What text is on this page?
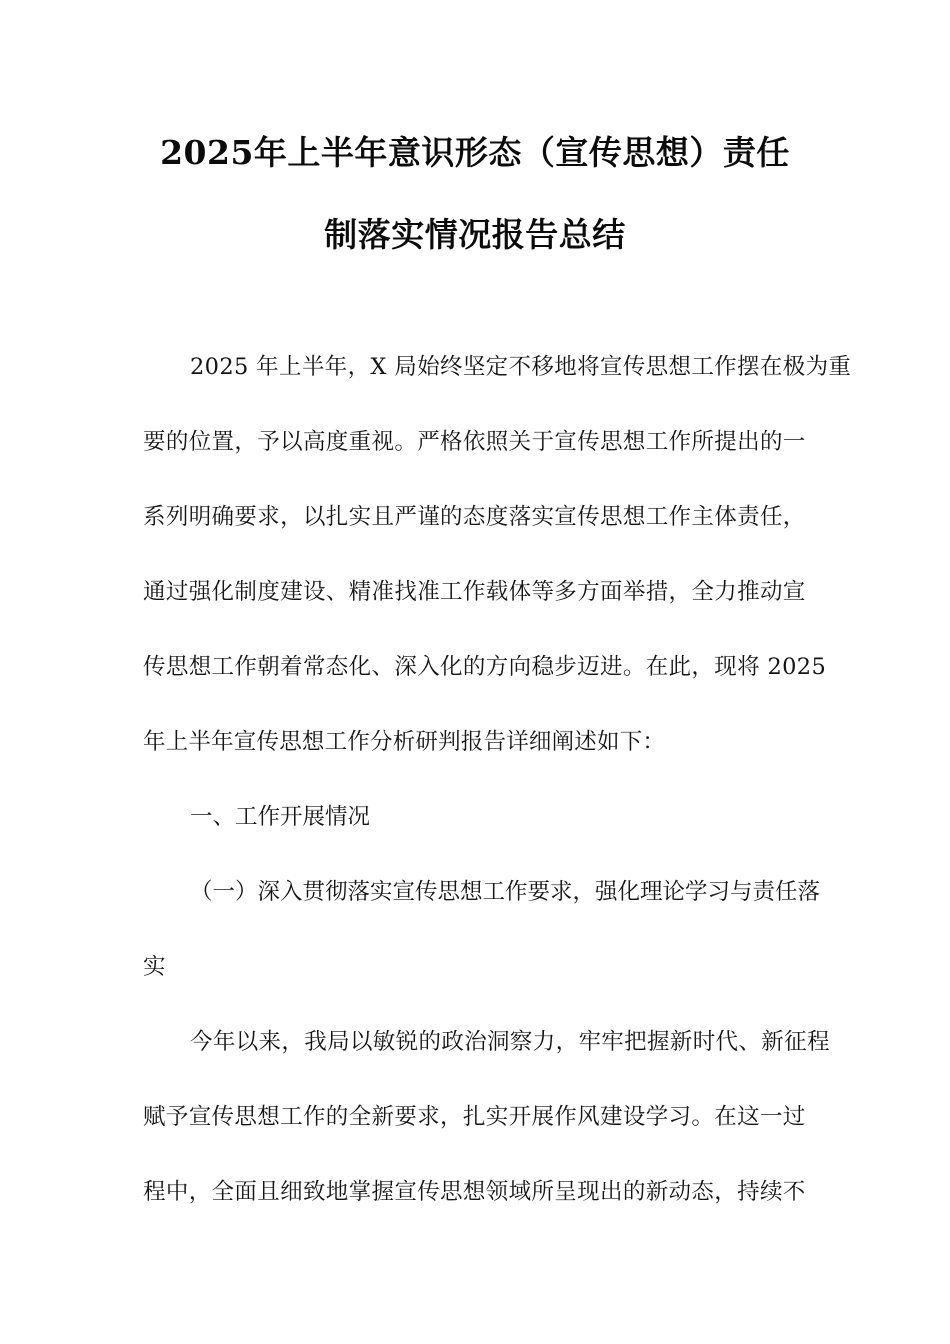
2025年上半年意识形态（宣传思想）责任
制落实情况报告总结

2025 年上半年，X 局始终坚定不移地将宣传思想工作摆在极为重
要的位置，予以高度重视。严格依照关于宣传思想工作所提出的一
系列明确要求，以扎实且严谨的态度落实宣传思想工作主体责任，
通过强化制度建设、精准找准工作载体等多方面举措，全力推动宣
传思想工作朝着常态化、深入化的方向稳步迈进。在此，现将 2025
年上半年宣传思想工作分析研判报告详细阐述如下：

一、工作开展情况

（一）深入贯彻落实宣传思想工作要求，强化理论学习与责任落
实

今年以来，我局以敏锐的政治洞察力，牢牢把握新时代、新征程
赋予宣传思想工作的全新要求，扎实开展作风建设学习。在这一过
程中，全面且细致地掌握宣传思想领域所呈现出的新动态，持续不
